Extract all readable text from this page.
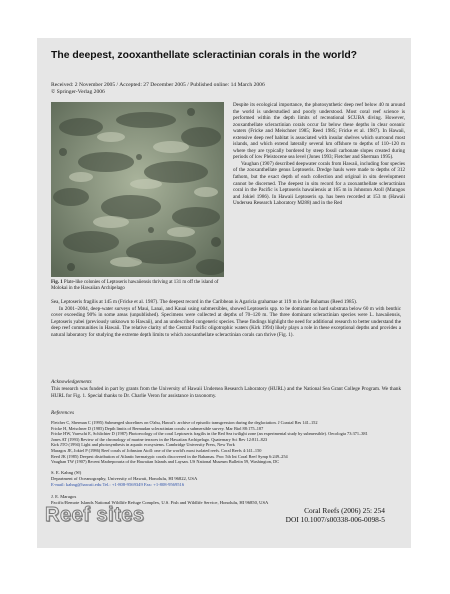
The deepest, zooxanthellate scleractinian corals in the world?
Received: 2 November 2005 / Accepted: 27 December 2005 / Published online: 14 March 2006
© Springer-Verlag 2006
Fig. 1 Plate-like colonies of Leptoseris hawaiiensis thriving at 131 m off the island of Molokai in the Hawaiian Archipelago

Despite its ecological importance, the photosynthetic deep reef below 40 m around the world is understudied and poorly understood. Most coral reef science is performed within the depth limits of recreational SCUBA diving. However, zooxanthellate scleractinian corals occur far below these depths in clear oceanic waters (Fricke and Meischner 1985; Reed 1985; Fricke et al. 1987). In Hawaii, extensive deep reef habitat is associated with insular shelves which surround most islands, and which extend laterally several km offshore to depths of 110–120 m where they are typically bordered by steep fossil carbonate slopes created during periods of low Pleistocene sea level (Jones 1993; Fletcher and Sherman 1995).

Vaughan (1907) described deepwater corals from Hawaii, including four species of the zooxanthellate genus Leptoseris. Dredge hauls were made to depths of 312 fathom, but the exact depth of each collection and original in situ development cannot be discerned. The deepest in situ record for a zooxanthellate scleractinian coral in the Pacific is Leptoseris hawaiiensis at 165 m in Johnston Atoll (Maragos and Jokiel 1986). In Hawaii Leptoseris sp. has been recorded at 153 m (Hawaii Undersea Research Laboratory M288) and in the Red

Sea, Leptoseris fragilis at 145 m (Fricke et al. 1987). The deepest record in the Caribbean is Agaricia grahamae at 119 m in the Bahamas (Reed 1985).

In 2001–2004, deep-water surveys of Maui, Lanai, and Kauai using submersibles, showed Leptoseris spp. to be dominant on hard substrata below 60 m with benthic cover exceeding 90% in some areas (unpublished). Specimens were collected at depths of 70–120 m. The three dominant scleractinian species were L. hawaiiensis, Leptoseris yabei (previously unknown to Hawaii), and an undescribed congeneric species. These findings highlight the need for additional research to better understand the deep reef communities in Hawaii. The relative clarity of the Central Pacific oligotrophic waters (Kirk 1994) likely plays a role in these exceptional depths and provides a natural laboratory for studying the extreme depth limits to which zooxanthellate scleractinian corals can thrive (Fig. 1).

Acknowledgements
This research was funded in part by grants from the University of Hawaii Undersea Research Laboratory (HURL) and the National Sea Grant College Program. We thank HURL for Fig. 1. Special thanks to Dr. Charlie Veron for assistance in taxonomy.
References

Fletcher C, Sherman C (1995) Submerged shorelines on O'ahu, Hawai'i: archive of episodic transgression during the deglaciation. J Coastal Res 141–152

Fricke H, Meischner D (1985) Depth limits of Bermudan scleractinian corals: a submersible survey. Mar Biol 88:175–187

Fricke HW, Vareschi E, Schlichter D (1987) Photoecology of the coral Leptoseris fragilis in the Red Sea twilight zone (an experimental study by submersible). Oecologia 73:371–381

Jones AT (1993) Review of the chronology of marine terraces in the Hawaiian Archipelago. Quaternary Sci Rev 12:811–823

Kirk JTO (1994) Light and photosynthesis in aquatic ecosystems. Cambridge University Press, New York

Maragos JE, Jokiel P (1986) Reef corals of Johnston Atoll: one of the world's most isolated reefs. Coral Reefs 4:141–150

Reed JK (1985) Deepest distribution of Atlantic hermatypic corals discovered in the Bahamas. Proc 5th Int Coral Reef Symp 6:249–254

Vaughan TW (1907) Recent Madreporaria of the Hawaiian Islands and Laysan. US National Museum Bulletin 59, Washington, DC

S. E. Kahng (✉)
Department of Oceanography, University of Hawaii, Honolulu, HI 96822, USA
E-mail: kahng@hawaii.edu Tel.: +1-808-9569349 Fax: +1-808-9569516
J. E. Maragos
Pacific/Remote Islands National Wildlife Refuge Complex, U.S. Fish and Wildlife Service, Honolulu, HI 96850, USA
Reef sites	Coral Reefs (2006) 25: 254
DOI 10.1007/s00338-006-0098-5
